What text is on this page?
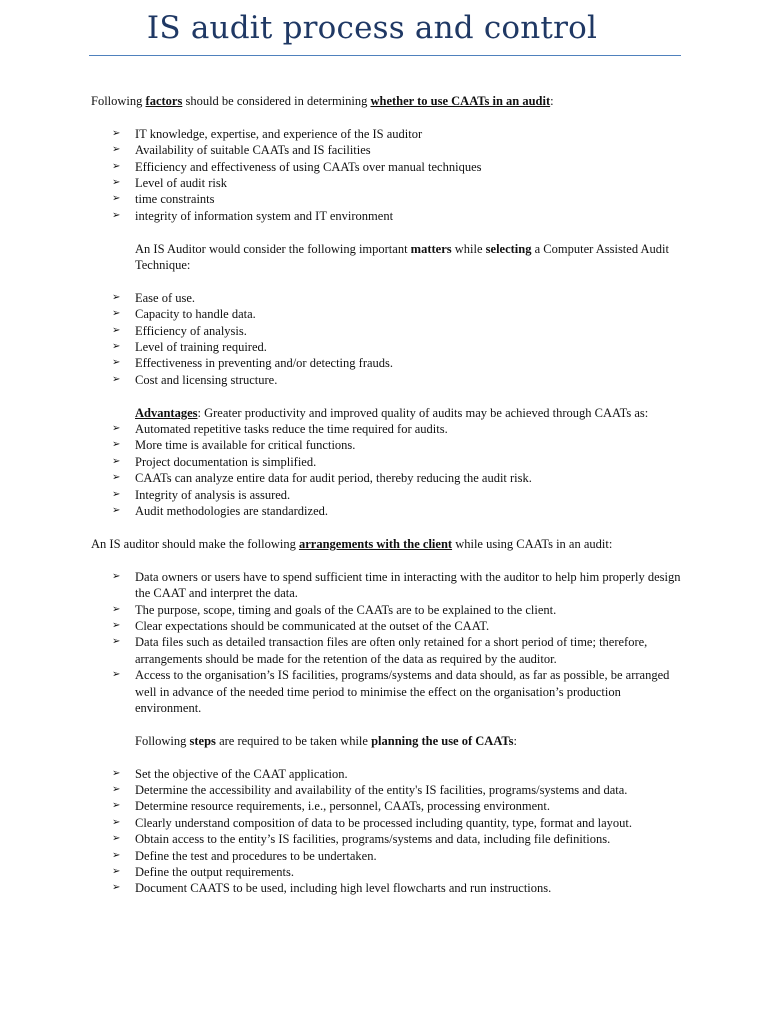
IS audit process and control

Following factors should be considered in determining whether to use CAATs in an audit:

➢ IT knowledge, expertise, and experience of the IS auditor
➢ Availability of suitable CAATs and IS facilities
➢ Efficiency and effectiveness of using CAATs over manual techniques
➢ Level of audit risk
➢ time constraints
➢ integrity of information system and IT environment

An IS Auditor would consider the following important matters while selecting a Computer Assisted Audit Technique:

➢ Ease of use.
➢ Capacity to handle data.
➢ Efficiency of analysis.
➢ Level of training required.
➢ Effectiveness in preventing and/or detecting frauds.
➢ Cost and licensing structure.

Advantages: Greater productivity and improved quality of audits may be achieved through CAATs as:

➢ Automated repetitive tasks reduce the time required for audits.
➢ More time is available for critical functions.
➢ Project documentation is simplified.
➢ CAATs can analyze entire data for audit period, thereby reducing the audit risk.
➢ Integrity of analysis is assured.
➢ Audit methodologies are standardized.

An IS auditor should make the following arrangements with the client while using CAATs in an audit:

➢ Data owners or users have to spend sufficient time in interacting with the auditor to help him properly design the CAAT and interpret the data.
➢ The purpose, scope, timing and goals of the CAATs are to be explained to the client.
➢ Clear expectations should be communicated at the outset of the CAAT.
➢ Data files such as detailed transaction files are often only retained for a short period of time; therefore, arrangements should be made for the retention of the data as required by the auditor.
➢ Access to the organisation’s IS facilities, programs/systems and data should, as far as possible, be arranged well in advance of the needed time period to minimise the effect on the organisation’s production environment.

Following steps are required to be taken while planning the use of CAATs:

➢ Set the objective of the CAAT application.
➢ Determine the accessibility and availability of the entity's IS facilities, programs/systems and data.
➢ Determine resource requirements, i.e., personnel, CAATs, processing environment.
➢ Clearly understand composition of data to be processed including quantity, type, format and layout.
➢ Obtain access to the entity’s IS facilities, programs/systems and data, including file definitions.
➢ Define the test and procedures to be undertaken.
➢ Define the output requirements.
➢ Document CAATS to be used, including high level flowcharts and run instructions.
